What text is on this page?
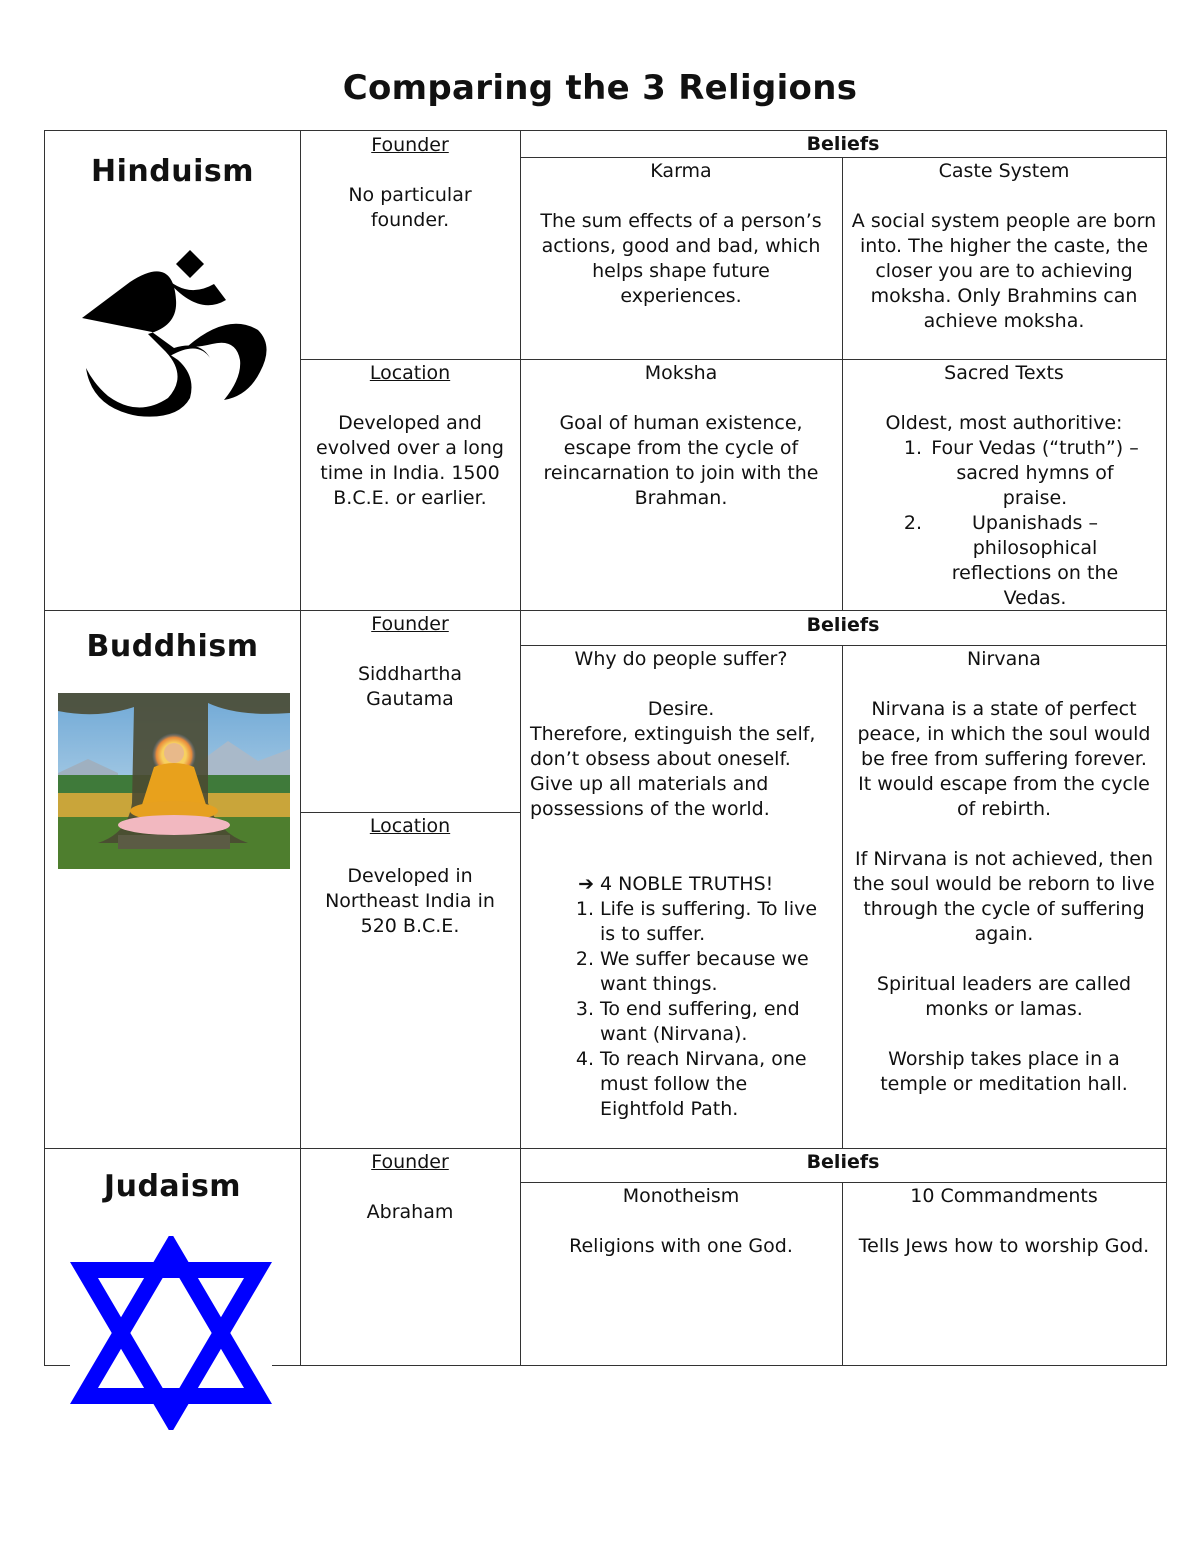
Comparing the 3 Religions
Hinduism
Founder
No particular founder.
Location
Developed and evolved over a long time in India. 1500 B.C.E. or earlier.
Beliefs
Karma
The sum effects of a person’s actions, good and bad, which helps shape future experiences.
Caste System
A social system people are born into. The higher the caste, the closer you are to achieving moksha. Only Brahmins can achieve moksha.
Moksha
Goal of human existence, escape from the cycle of reincarnation to join with the Brahman.
Sacred Texts
Oldest, most authoritive:
1. Four Vedas (“truth”) – sacred hymns of praise.
2.	Upanishads – philosophical reflections on the Vedas.
Buddhism
Founder
Siddhartha Gautama
Location
Developed in Northeast India in 520 B.C.E.
Beliefs
Why do people suffer?
Desire.
Therefore, extinguish the self, don’t obsess about oneself. Give up all materials and possessions of the world.
➔ 4 NOBLE TRUTHS!
1. Life is suffering. To live is to suffer.
2. We suffer because we want things.
3. To end suffering, end want (Nirvana).
4. To reach Nirvana, one must follow the Eightfold Path.
Nirvana
Nirvana is a state of perfect peace, in which the soul would be free from suffering forever. It would escape from the cycle of rebirth.
If Nirvana is not achieved, then the soul would be reborn to live through the cycle of suffering again.
Spiritual leaders are called monks or lamas.
Worship takes place in a temple or meditation hall.
Judaism
Founder
Abraham
Beliefs
Monotheism
Religions with one God.
10 Commandments
Tells Jews how to worship God.
